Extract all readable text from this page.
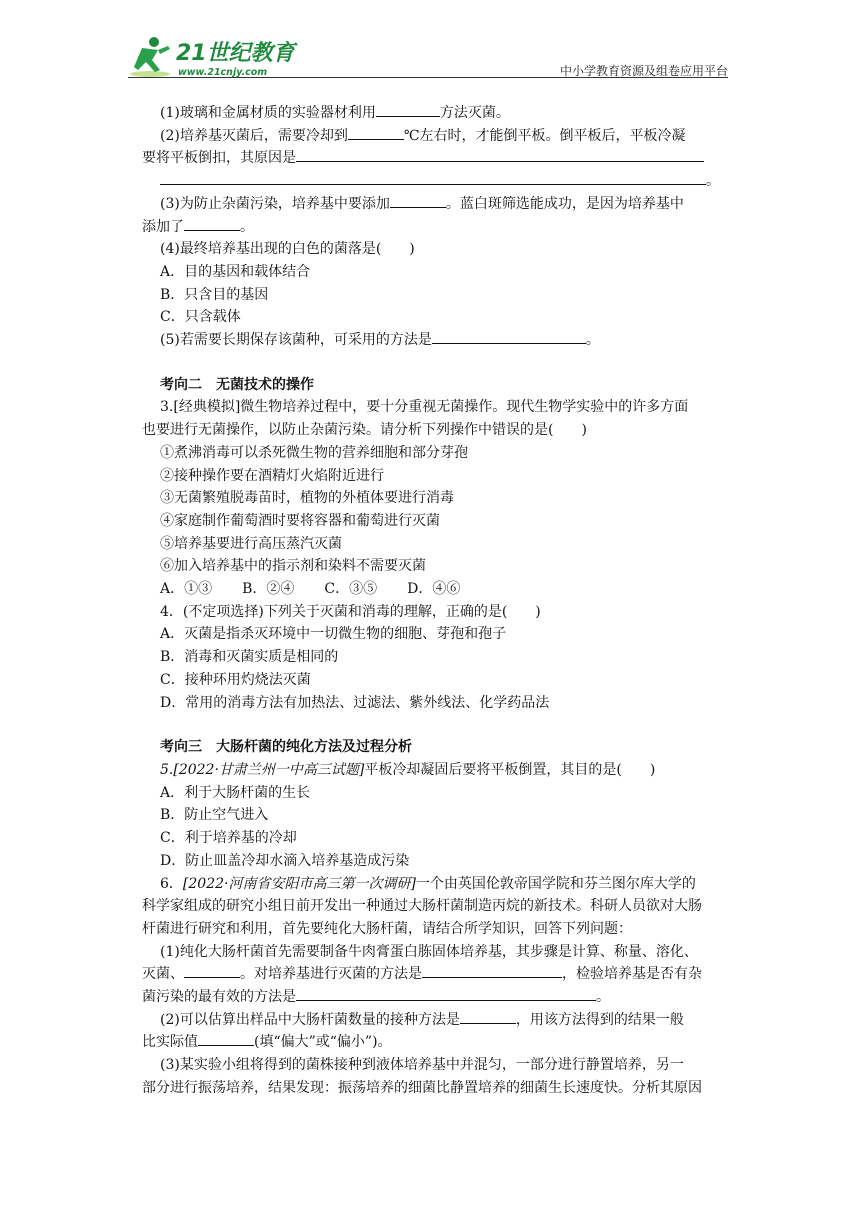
21世纪教育
www.21cnjy.com	中小学教育资源及组卷应用平台
(1)玻璃和金属材质的实验器材利用	方法灭菌。
(2)培养基灭菌后，需要冷却到	℃左右时，才能倒平板。倒平板后，平板冷凝
要将平板倒扣，其原因是
。
(3)为防止杂菌污染，培养基中要添加	。蓝白斑筛选能成功，是因为培养基中
添加了	。
(4)最终培养基出现的白色的菌落是(　　)
A．目的基因和载体结合
B．只含目的基因
C．只含载体
(5)若需要长期保存该菌种，可采用的方法是	。
考向二　无菌技术的操作
3.[经典模拟]微生物培养过程中，要十分重视无菌操作。现代生物学实验中的许多方面
也要进行无菌操作，以防止杂菌污染。请分析下列操作中错误的是(　　)
①煮沸消毒可以杀死微生物的营养细胞和部分芽孢
②接种操作要在酒精灯火焰附近进行
③无菌繁殖脱毒苗时，植物的外植体要进行消毒
④家庭制作葡萄酒时要将容器和葡萄进行灭菌
⑤培养基要进行高压蒸汽灭菌
⑥加入培养基中的指示剂和染料不需要灭菌
A．①③ B．②④ C．③⑤ D．④⑥
4．(不定项选择)下列关于灭菌和消毒的理解，正确的是(　　)
A．灭菌是指杀灭环境中一切微生物的细胞、芽孢和孢子
B．消毒和灭菌实质是相同的
C．接种环用灼烧法灭菌
D．常用的消毒方法有加热法、过滤法、紫外线法、化学药品法
考向三　大肠杆菌的纯化方法及过程分析
5.[2022·甘肃兰州一中高三试题]平板冷却凝固后要将平板倒置，其目的是(　　)
A．利于大肠杆菌的生长
B．防止空气进入
C．利于培养基的冷却
D．防止皿盖冷却水滴入培养基造成污染
6．[2022·河南省安阳市高三第一次调研]一个由英国伦敦帝国学院和芬兰图尔库大学的
科学家组成的研究小组日前开发出一种通过大肠杆菌制造丙烷的新技术。科研人员欲对大肠
杆菌进行研究和利用，首先要纯化大肠杆菌，请结合所学知识，回答下列问题：
(1)纯化大肠杆菌首先需要制备牛肉膏蛋白胨固体培养基，其步骤是计算、称量、溶化、
灭菌、	。对培养基进行灭菌的方法是	，检验培养基是否有杂
菌污染的最有效的方法是	。
(2)可以估算出样品中大肠杆菌数量的接种方法是	，用该方法得到的结果一般
比实际值	(填“偏大”或“偏小”)。
(3)某实验小组将得到的菌株接种到液体培养基中并混匀，一部分进行静置培养，另一
部分进行振荡培养，结果发现：振荡培养的细菌比静置培养的细菌生长速度快。分析其原因
